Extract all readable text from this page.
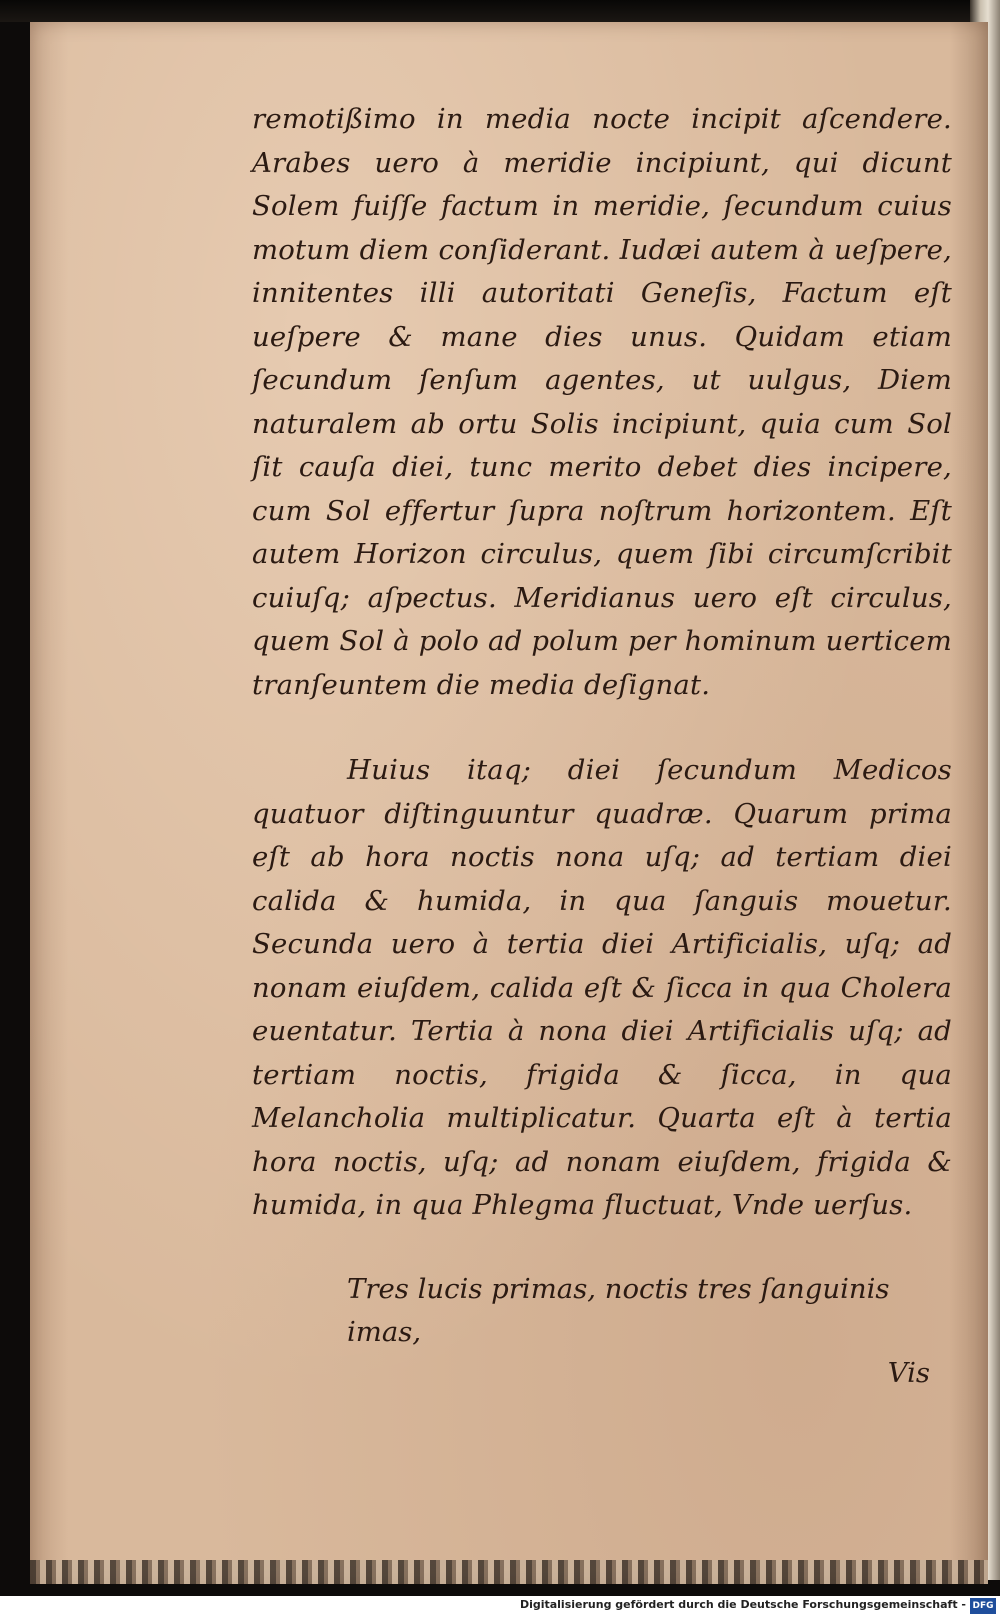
remotißimo in media nocte incipit aſcendere. Arabes uero à meridie incipiunt, qui dicunt Solem fuiſſe factum in meridie, ſecundum cuius motum diem conſiderant. Iudæi autem à ueſpere, innitentes illi autoritati Geneſis, Factum eſt ueſpere & mane dies unus. Quidam etiam ſecundum ſenſum agentes, ut uulgus, Diem naturalem ab ortu Solis incipiunt, quia cum Sol ſit cauſa diei, tunc merito debet dies incipere, cum Sol effertur ſupra noſtrum horizontem. Eſt autem Horizon circulus, quem ſibi circumſcribit cuiuſq; aſpectus. Meridianus uero eſt circulus, quem Sol à polo ad polum per hominum uerticem tranſeuntem die media deſignat.

Huius itaq; diei ſecundum Medicos quatuor diſtinguuntur quadræ. Quarum prima eſt ab hora noctis nona uſq; ad tertiam diei calida & humida, in qua ſanguis mouetur. Secunda uero à tertia diei Artificialis, uſq; ad nonam eiuſdem, calida eſt & ſicca in qua Cholera euentatur. Tertia à nona diei Artificialis uſq; ad tertiam noctis, frigida & ſicca, in qua Melancholia multiplicatur. Quarta eſt à tertia hora noctis, uſq; ad nonam eiuſdem, frigida & humida, in qua Phlegma fluctuat, Vnde uerſus.

Tres lucis primas, noctis tres ſanguinis imas,

Vis

Digitalisierung gefördert durch die Deutsche Forschungsgemeinschaft - DFG
